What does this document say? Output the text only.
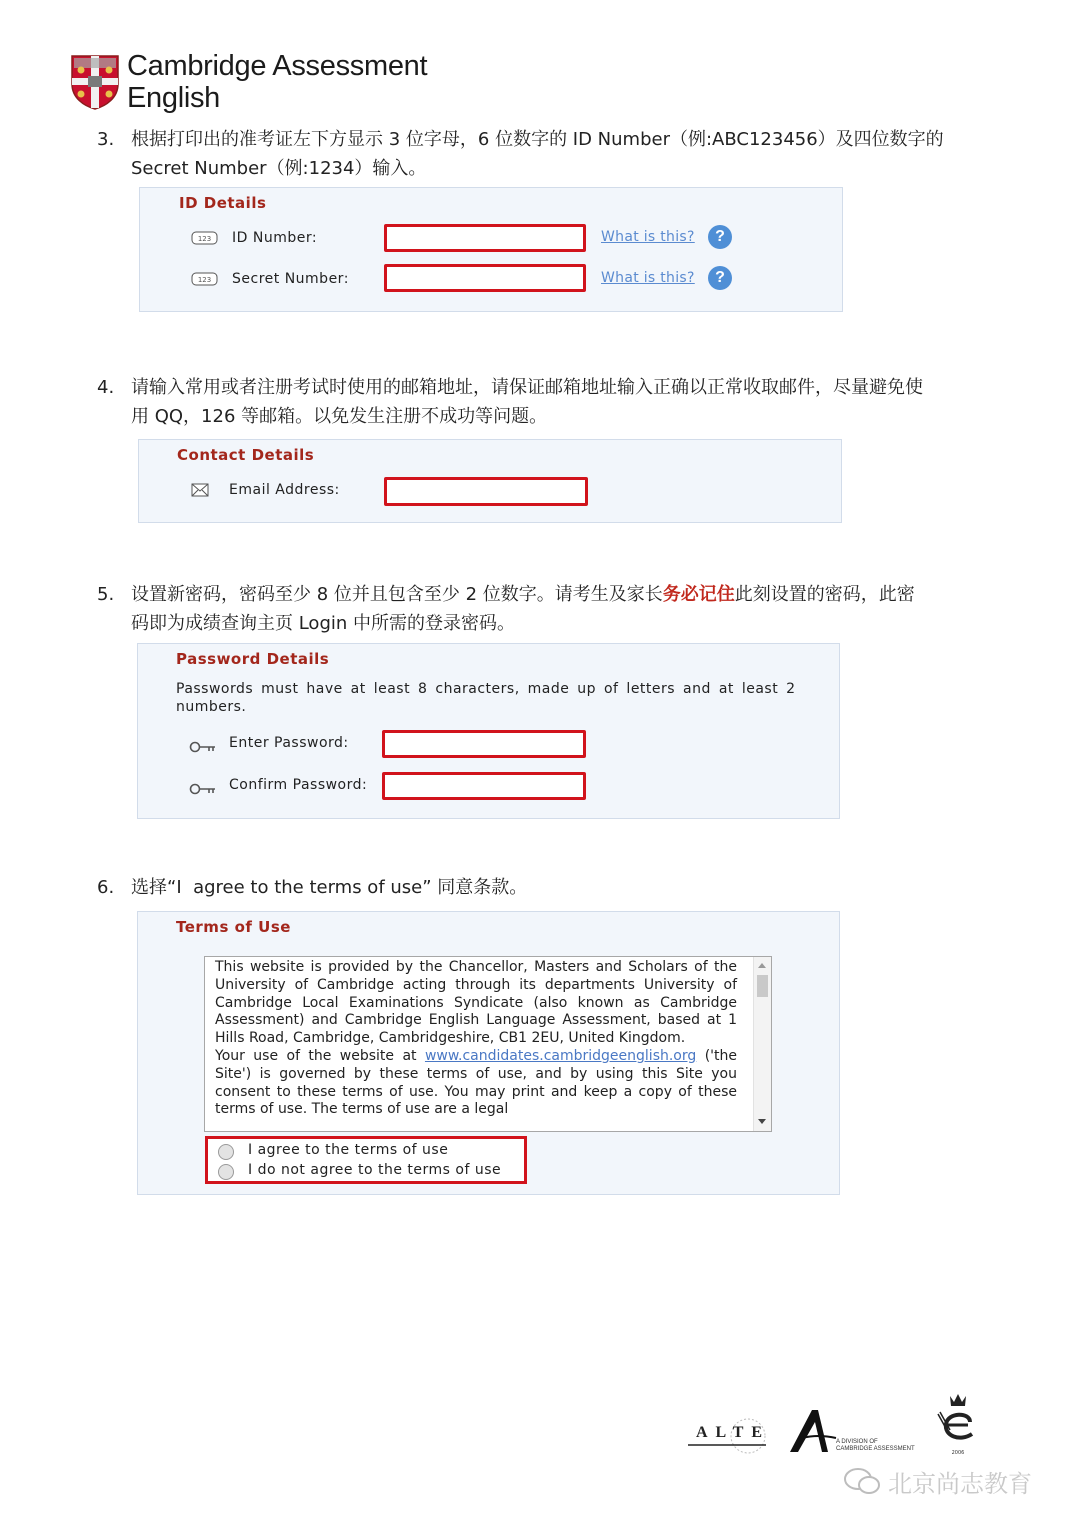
Cambridge Assessment
English
3. 根据打印出的准考证左下方显示 3 位字母，6 位数字的 ID Number（例:ABC123456）及四位数字的
Secret Number（例:1234）输入。
ID Details
123 ID Number:	What is this?	?
123 Secret Number:	What is this?	?
4. 请输入常用或者注册考试时使用的邮箱地址，请保证邮箱地址输入正确以正常收取邮件，尽量避免使
用 QQ，126 等邮箱。以免发生注册不成功等问题。
Contact Details
Email Address:
5. 设置新密码，密码至少 8 位并且包含至少 2 位数字。请考生及家长务必记住此刻设置的密码，此密
码即为成绩查询主页 Login 中所需的登录密码。
Password Details
Passwords must have at least 8 characters, made up of letters and at least 2
numbers.
Enter Password:
Confirm Password:
6. 选择“I  agree to the terms of use” 同意条款。
Terms of Use
This website is provided by the Chancellor, Masters and Scholars of the University of Cambridge acting through its departments University of Cambridge Local Examinations Syndicate (also known as Cambridge Assessment) and Cambridge English Language Assessment, based at 1 Hills Road, Cambridge, Cambridgeshire, CB1 2EU, United Kingdom.
Your use of the website at www.candidates.cambridgeenglish.org ('the Site') is governed by these terms of use, and by using this Site you consent to these terms of use. You may print and keep a copy of these terms of use. The terms of use are a legal
I agree to the terms of use
I do not agree to the terms of use
ALTE
A DIVISION OF
CAMBRIDGE ASSESSMENT
2006
北京尚志教育
